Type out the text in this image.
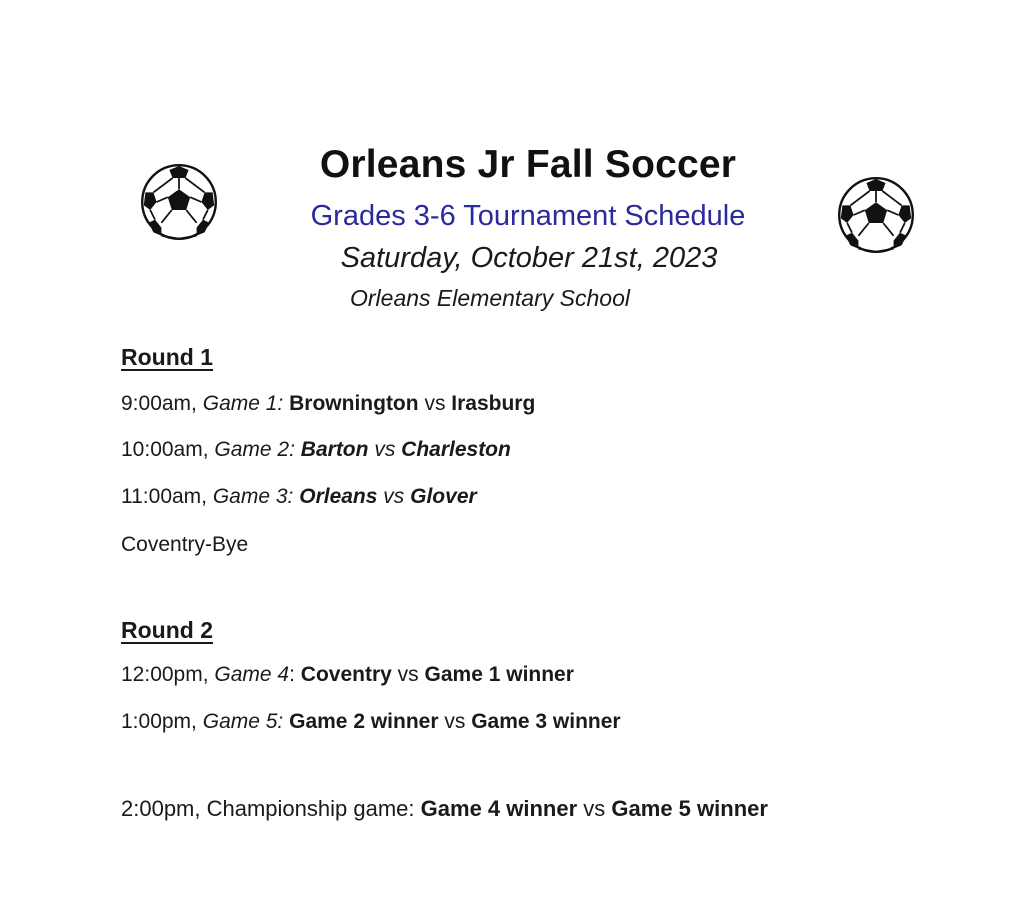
Orleans Jr Fall Soccer
Grades 3-6 Tournament Schedule
Saturday, October 21st, 2023
Orleans Elementary School
Round 1
9:00am, Game 1: Brownington vs Irasburg
10:00am, Game 2: Barton vs Charleston
11:00am, Game 3: Orleans vs Glover
Coventry-Bye
Round 2
12:00pm, Game 4: Coventry vs Game 1 winner
1:00pm, Game 5: Game 2 winner vs Game 3 winner
2:00pm, Championship game: Game 4 winner vs Game 5 winner
